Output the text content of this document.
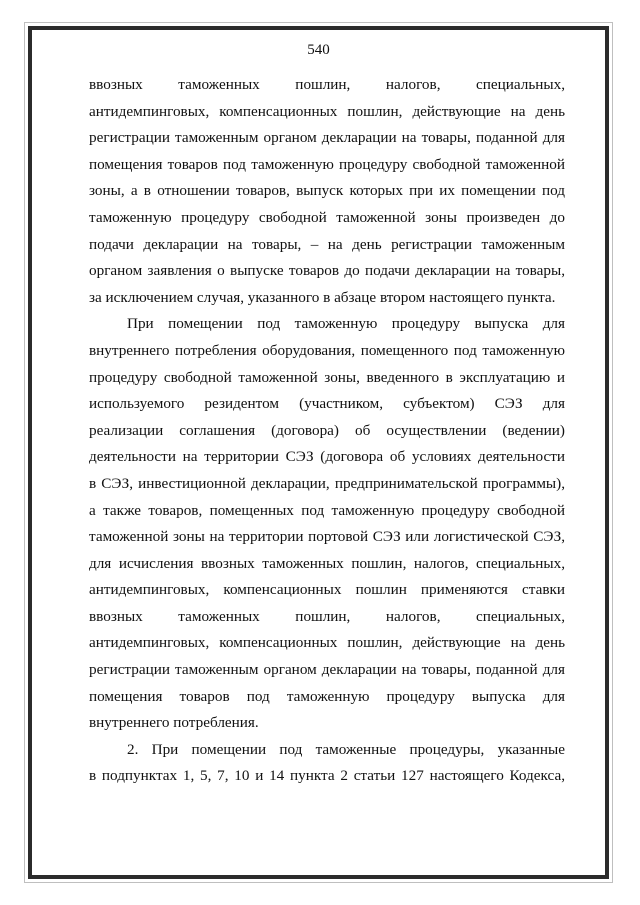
540
ввозных таможенных пошлин, налогов, специальных,
антидемпинговых, компенсационных пошлин, действующие на день
регистрации таможенным органом декларации на товары, поданной для
помещения товаров под таможенную процедуру свободной таможенной
зоны, а в отношении товаров, выпуск которых при их помещении под
таможенную процедуру свободной таможенной зоны произведен до
подачи декларации на товары, – на день регистрации таможенным
органом заявления о выпуске товаров до подачи декларации на товары,
за исключением случая, указанного в абзаце втором настоящего пункта.
При помещении под таможенную процедуру выпуска для
внутреннего потребления оборудования, помещенного под таможенную
процедуру свободной таможенной зоны, введенного в эксплуатацию и
используемого резидентом (участником, субъектом) СЭЗ для
реализации соглашения (договора) об осуществлении (ведении)
деятельности на территории СЭЗ (договора об условиях деятельности
в СЭЗ, инвестиционной декларации, предпринимательской программы),
а также товаров, помещенных под таможенную процедуру свободной
таможенной зоны на территории портовой СЭЗ или логистической СЭЗ,
для исчисления ввозных таможенных пошлин, налогов, специальных,
антидемпинговых, компенсационных пошлин применяются ставки
ввозных таможенных пошлин, налогов, специальных,
антидемпинговых, компенсационных пошлин, действующие на день
регистрации таможенным органом декларации на товары, поданной для
помещения товаров под таможенную процедуру выпуска для
внутреннего потребления.
2. При помещении под таможенные процедуры, указанные
в подпунктах 1, 5, 7, 10 и 14 пункта 2 статьи 127 настоящего Кодекса,
